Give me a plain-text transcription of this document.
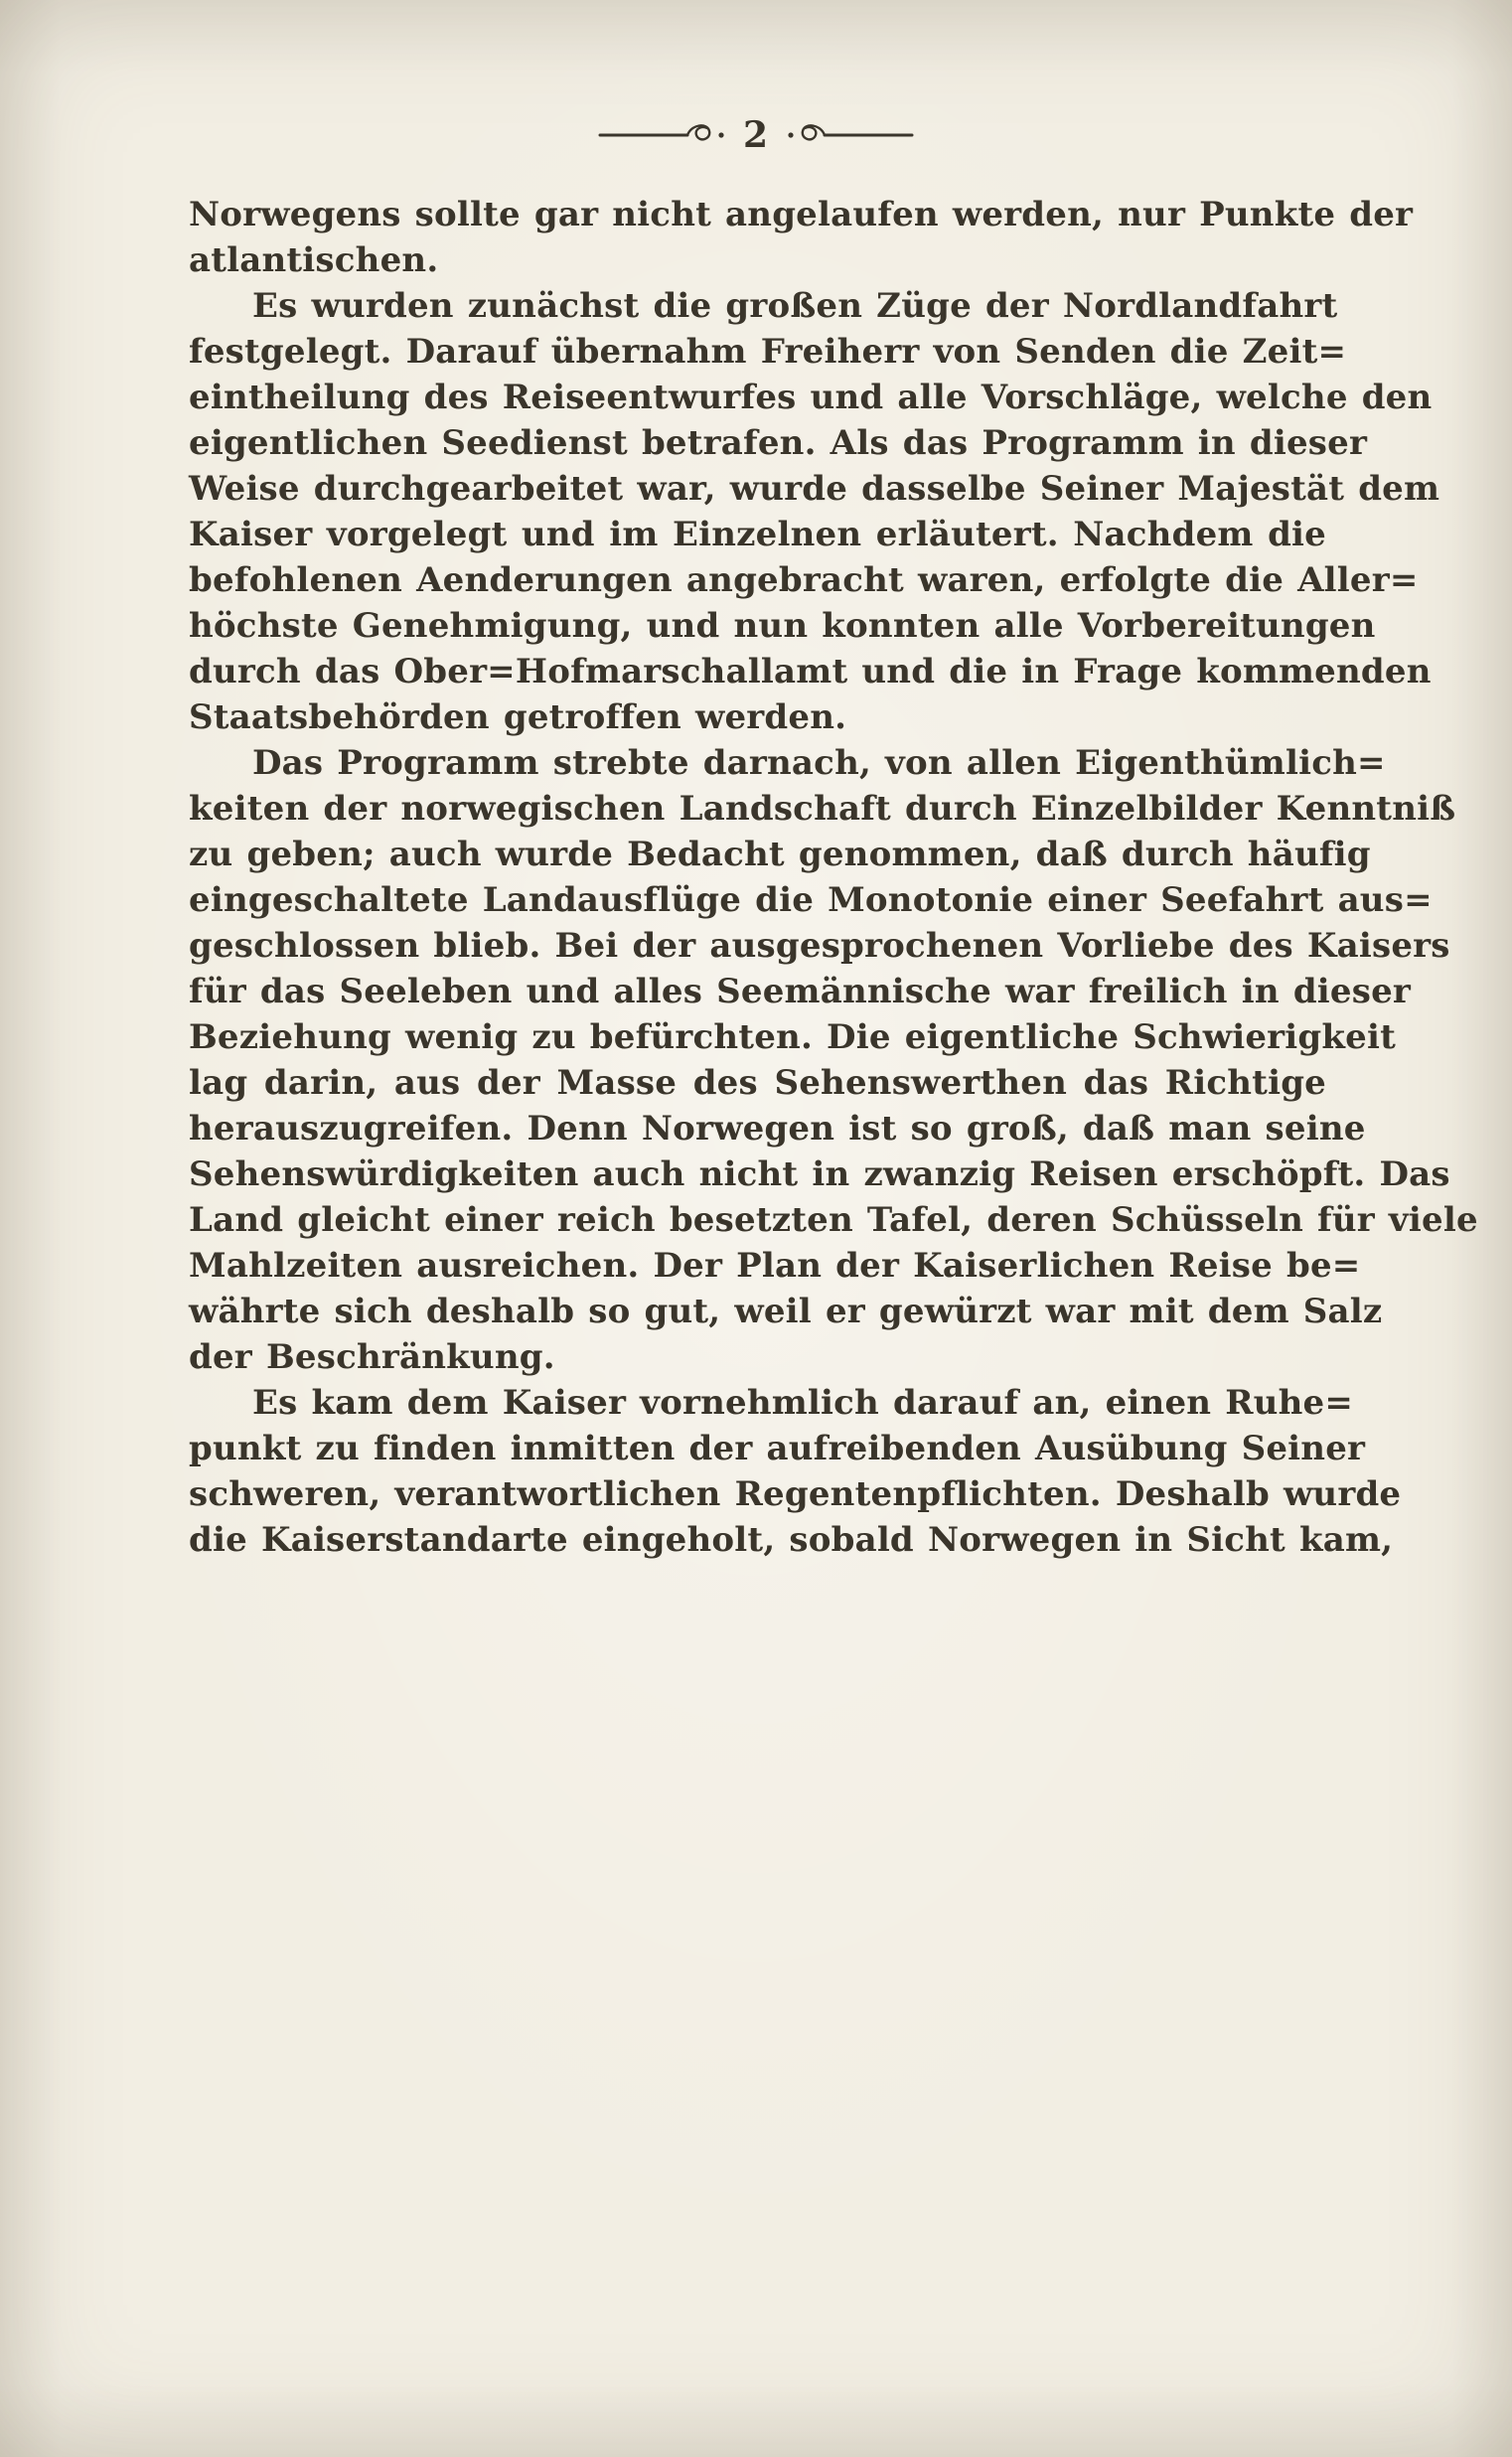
2
Norwegens sollte gar nicht angelaufen werden, nur Punkte der
atlantischen.
Es wurden zunächst die großen Züge der Nordlandfahrt
festgelegt. Darauf übernahm Freiherr von Senden die Zeit=
eintheilung des Reiseentwurfes und alle Vorschläge, welche den
eigentlichen Seedienst betrafen. Als das Programm in dieser
Weise durchgearbeitet war, wurde dasselbe Seiner Majestät dem
Kaiser vorgelegt und im Einzelnen erläutert. Nachdem die
befohlenen Aenderungen angebracht waren, erfolgte die Aller=
höchste Genehmigung, und nun konnten alle Vorbereitungen
durch das Ober=Hofmarschallamt und die in Frage kommenden
Staatsbehörden getroffen werden.
Das Programm strebte darnach, von allen Eigenthümlich=
keiten der norwegischen Landschaft durch Einzelbilder Kenntniß
zu geben; auch wurde Bedacht genommen, daß durch häufig
eingeschaltete Landausflüge die Monotonie einer Seefahrt aus=
geschlossen blieb. Bei der ausgesprochenen Vorliebe des Kaisers
für das Seeleben und alles Seemännische war freilich in dieser
Beziehung wenig zu befürchten. Die eigentliche Schwierigkeit
lag darin, aus der Masse des Sehenswerthen das Richtige
herauszugreifen. Denn Norwegen ist so groß, daß man seine
Sehenswürdigkeiten auch nicht in zwanzig Reisen erschöpft. Das
Land gleicht einer reich besetzten Tafel, deren Schüsseln für viele
Mahlzeiten ausreichen. Der Plan der Kaiserlichen Reise be=
währte sich deshalb so gut, weil er gewürzt war mit dem Salz
der Beschränkung.
Es kam dem Kaiser vornehmlich darauf an, einen Ruhe=
punkt zu finden inmitten der aufreibenden Ausübung Seiner
schweren, verantwortlichen Regentenpflichten. Deshalb wurde
die Kaiserstandarte eingeholt, sobald Norwegen in Sicht kam,
